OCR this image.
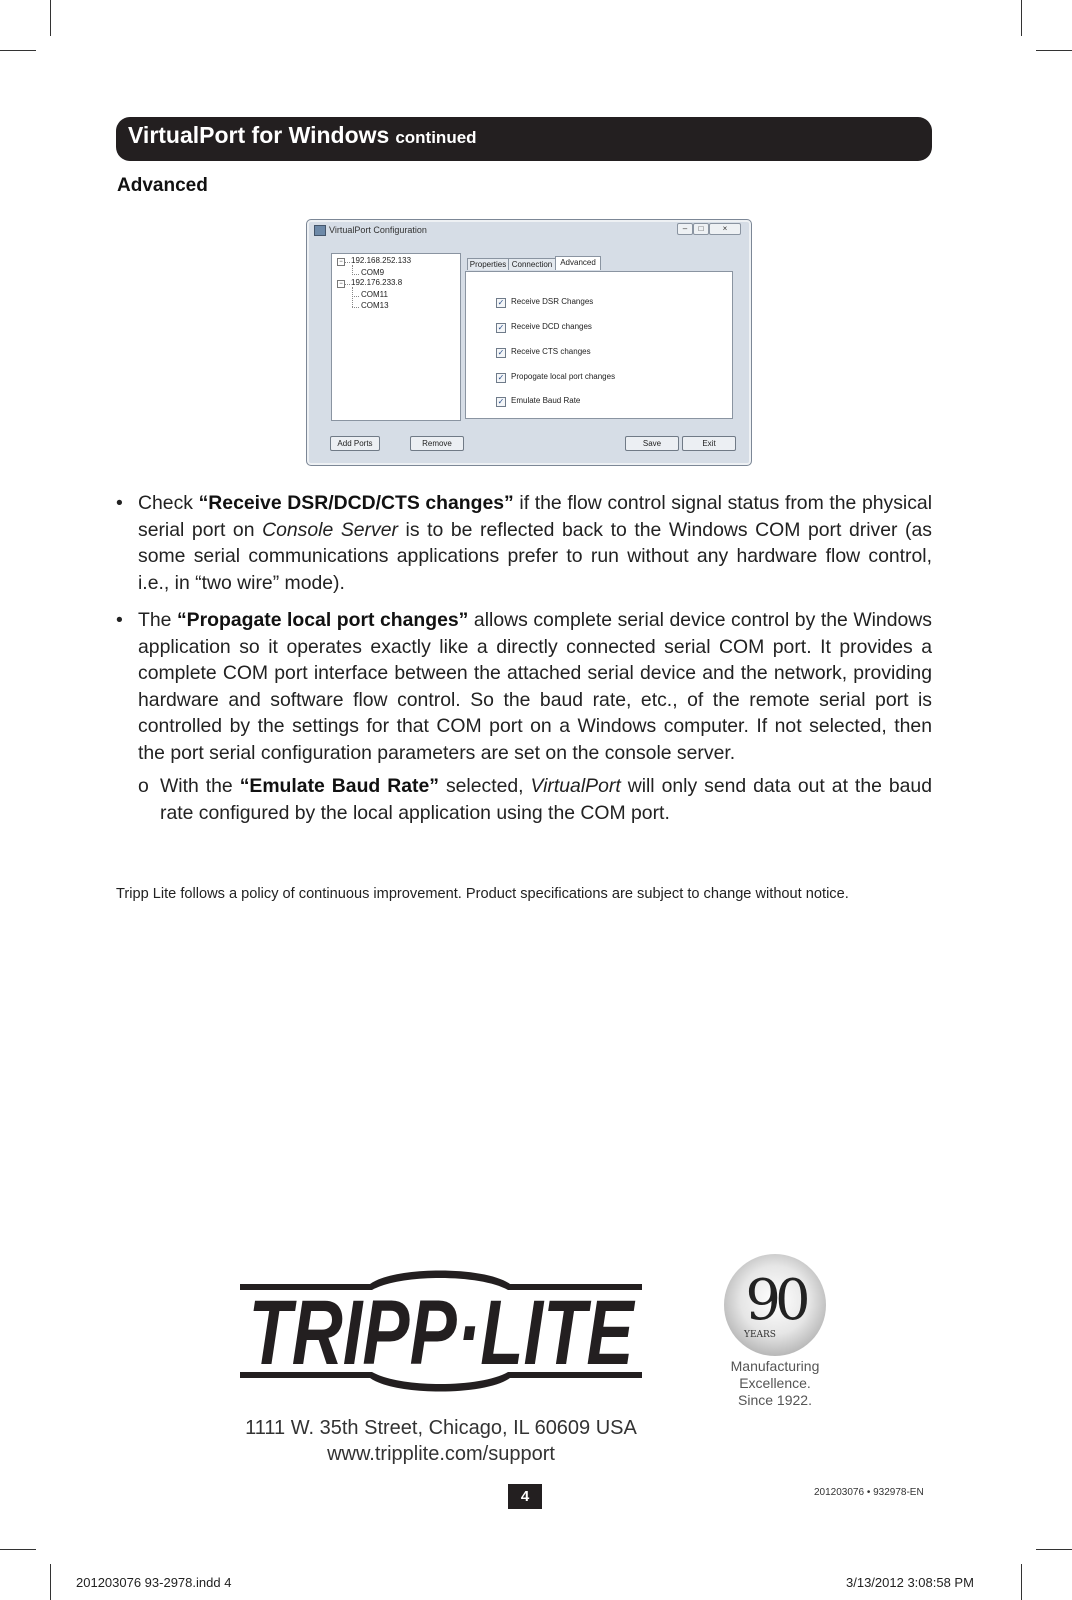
VirtualPort for Windows continued
Advanced
VirtualPort Configuration	–	□	×
− 192.168.252.133
COM9
− 192.176.233.8
COM11
COM13
Properties Connection Advanced
✓ Receive DSR Changes
✓ Receive DCD changes
✓ Receive CTS changes
✓ Propogate local port changes
✓ Emulate Baud Rate
Add Ports	Remove	Save	Exit
• Check “Receive DSR/DCD/CTS changes” if the flow control signal status from the physical serial port on Console Server is to be reflected back to the Windows COM port driver (as some serial communications applications prefer to run without any hardware flow control, i.e., in “two wire” mode).
• The “Propagate local port changes” allows complete serial device control by the Windows application so it operates exactly like a directly connected serial COM port. It provides a complete COM port interface between the attached serial device and the network, providing hardware and software flow control. So the baud rate, etc., of the remote serial port is controlled by the settings for that COM port on a Windows computer. If not selected, then the port serial configuration parameters are set on the console server.
o With the “Emulate Baud Rate” selected, VirtualPort will only send data out at the baud rate configured by the local application using the COM port.
Tripp Lite follows a policy of continuous improvement. Product specifications are subject to change without notice.
TRIPP·LITE	90
YEARS
Manufacturing
Excellence.
Since 1922.
1111 W. 35th Street, Chicago, IL 60609 USA
www.tripplite.com/support
4	201203076 • 932978-EN
201203076 93-2978.indd 4	3/13/2012 3:08:58 PM
